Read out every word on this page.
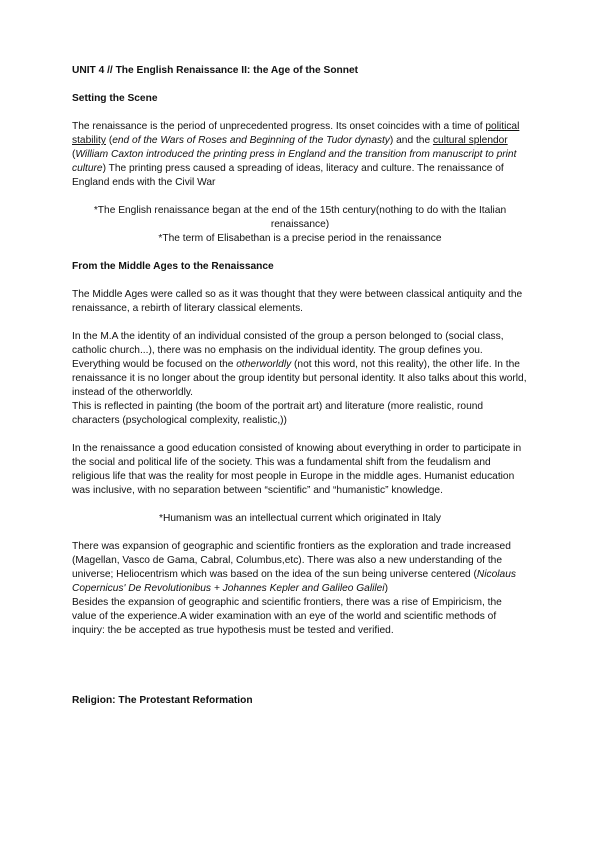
UNIT 4 // The English Renaissance II: the Age of the Sonnet
Setting the Scene

The renaissance is the period of unprecedented progress. Its onset coincides with a time of political stability (end of the Wars of Roses and Beginning of the Tudor dynasty) and the cultural splendor (William Caxton introduced the printing press in England and the transition from manuscript to print culture) The printing press caused a spreading of ideas, literacy and culture. The renaissance of England ends with the Civil War

*The English renaissance began at the end of the 15th century(nothing to do with the Italian renaissance)

*The term of Elisabethan is a precise period in the renaissance

From the Middle Ages to the Renaissance

The Middle Ages were called so as it was thought that they were between classical antiquity and the renaissance, a rebirth of literary classical elements.

In the M.A the identity of an individual consisted of the group a person belonged to (social class, catholic church...), there was no emphasis on the individual identity. The group defines you. Everything would be focused on the otherworldly (not this word, not this reality), the other life. In the renaissance it is no longer about the group identity but personal identity. It also talks about this world, instead of the otherworldly.

This is reflected in painting (the boom of the portrait art) and literature (more realistic, round characters (psychological complexity, realistic,))

In the renaissance a good education consisted of knowing about everything in order to participate in the social and political life of the society. This was a fundamental shift from the feudalism and religious life that was the reality for most people in Europe in the middle ages. Humanist education was inclusive, with no separation between “scientific” and “humanistic” knowledge.

*Humanism was an intellectual current which originated in Italy

There was expansion of geographic and scientific frontiers as the exploration and trade increased (Magellan, Vasco de Gama, Cabral, Columbus,etc). There was also a new understanding of the universe; Heliocentrism which was based on the idea of the sun being universe centered (Nicolaus Copernicus' De Revolutionibus + Johannes Kepler and Galileo Galilei)

Besides the expansion of geographic and scientific frontiers, there was a rise of Empiricism, the value of the experience.A wider examination with an eye of the world and scientific methods of inquiry: the be accepted as true hypothesis must be tested and verified.

Religion: The Protestant Reformation
